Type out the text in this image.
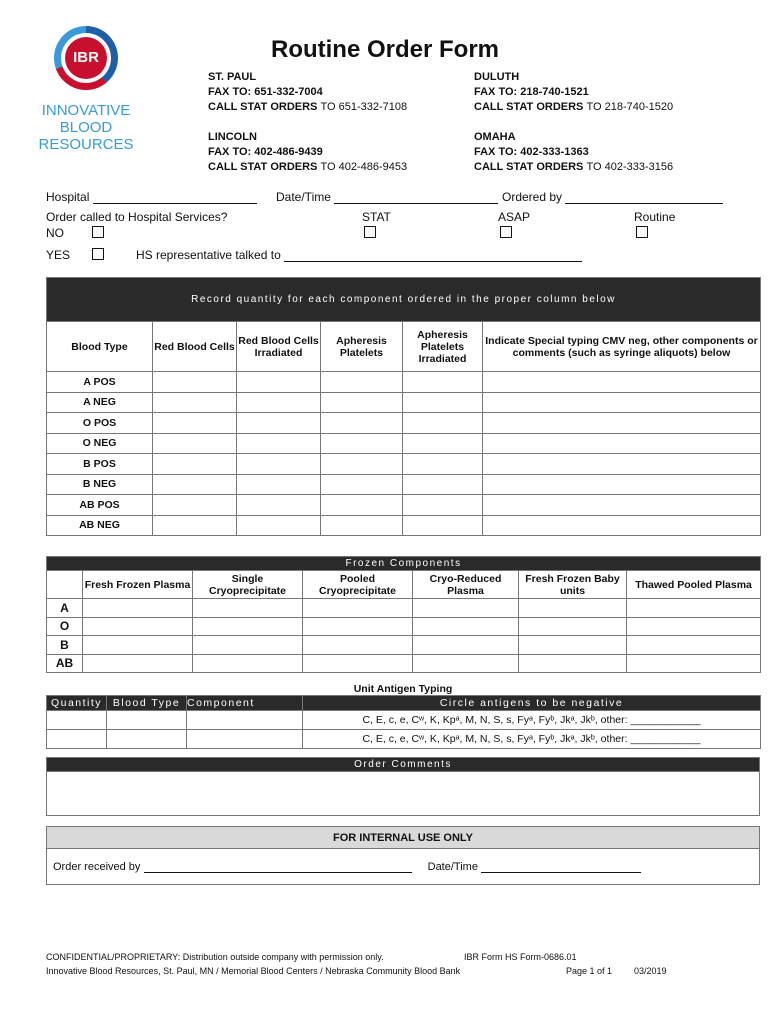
IBR
INNOVATIVE
BLOOD
RESOURCES
Routine Order Form
ST. PAUL
FAX TO: 651-332-7004
CALL STAT ORDERS TO 651-332-7108
DULUTH
FAX TO: 218-740-1521
CALL STAT ORDERS TO 218-740-1520
LINCOLN
FAX TO: 402-486-9439
CALL STAT ORDERS TO 402-486-9453
OMAHA
FAX TO: 402-333-1363
CALL STAT ORDERS TO 402-333-3156
Hospital	Date/Time	Ordered by
Order called to Hospital Services?	STAT	ASAP	Routine
NO
YES	HS representative talked to
Record quantity for each component ordered in the proper column below					
Blood Type	Red Blood Cells	Red Blood Cells Irradiated	Apheresis Platelets	Apheresis Platelets Irradiated	Indicate Special typing CMV neg, other components or comments (such as syringe aliquots) below
A POS					
A NEG					
O POS					
O NEG					
B POS					
B NEG					
AB POS					
AB NEG					
Frozen Components						
	Fresh Frozen Plasma	Single Cryoprecipitate	Pooled Cryoprecipitate	Cryo-Reduced Plasma	Fresh Frozen Baby units	Thawed Pooled Plasma
A						
O						
B						
AB						
Unit Antigen Typing
Quantity	Blood Type	Component	Circle antigens to be negative
			C, E, c, e, Cʷ, K, Kpᵃ, M, N, S, s, Fyᵃ, Fyᵇ, Jkᵃ, Jkᵇ, other: ____________
			C, E, c, e, Cʷ, K, Kpᵃ, M, N, S, s, Fyᵃ, Fyᵇ, Jkᵃ, Jkᵇ, other: ____________
Order Comments

FOR INTERNAL USE ONLY
Order received by	Date/Time
CONFIDENTIAL/PROPRIETARY: Distribution outside company with permission only.	IBR Form HS Form-0686.01
Innovative Blood Resources, St. Paul, MN / Memorial Blood Centers / Nebraska Community Blood Bank	Page 1 of 1 03/2019
